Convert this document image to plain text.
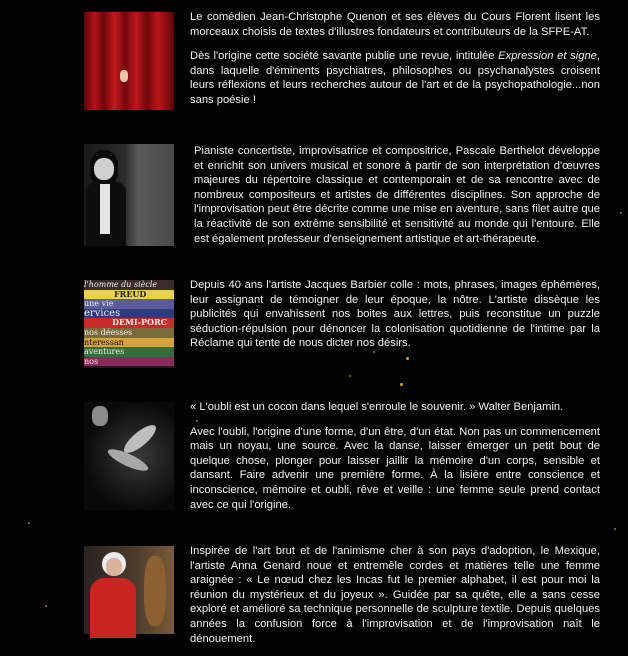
Le comédien Jean-Christophe Quenon et ses élèves du Cours Florent lisent les morceaux choisis de textes d'illustres fondateurs et contributeurs de la SFPE-AT.

Dès l'origine cette société savante publie une revue, intitulée Expression et signe, dans laquelle d'éminents psychiatres, philosophes ou psychanalystes croisent leurs réflexions et leurs recherches autour de l'art et de la psychopathologie...non sans poésie !

Pianiste concertiste, improvisatrice et compositrice, Pascale Berthelot développe et enrichit son univers musical et sonore à partir de son interprétation d'œuvres majeures du répertoire classique et contemporain et de sa rencontre avec de nombreux compositeurs et artistes de différentes disciplines. Son approche de l'improvisation peut être décrite comme une mise en aventure, sans filet autre que la réactivité de son extrême sensibilité et sensitivité au monde qui l'entoure. Elle est également professeur d'enseignement artistique et art-thérapeute.

l'homme du siècle
FREUD
une vie
ervices
DEMI-PORC
nos déesses
nteressan
aventures
nos

Depuis 40 ans l'artiste Jacques Barbier colle : mots, phrases, images éphémères, leur assignant de témoigner de leur époque, la nôtre. L'artiste dissèque les publicités qui envahissent nos boites aux lettres, puis reconstitue un puzzle séduction-répulsion pour dénoncer la colonisation quotidienne de l'intime par la Réclame qui tente de nous dicter nos désirs.

« L'oubli est un cocon dans lequel s'enroule le souvenir. » Walter Benjamin.

Avec l'oubli, l'origine d'une forme, d'un être, d'un état. Non pas un commencement mais un noyau, une source. Avec la danse, laisser émerger un petit bout de quelque chose, plonger pour laisser jaillir la mémoire d'un corps, sensible et dansant. Faire advenir une première forme. À la lisière entre conscience et inconscience, mémoire et oubli, rêve et veille : une femme seule prend contact avec ce qui l'origine.

Inspirée de l'art brut et de l'animisme cher à son pays d'adoption, le Mexique, l'artiste Anna Genard noue et entremêle cordes et matières telle une femme araignée : « Le nœud chez les Incas fut le premier alphabet, il est pour moi la réunion du mystérieux et du joyeux ». Guidée par sa quête, elle a sans cesse exploré et amélioré sa technique personnelle de sculpture textile. Depuis quelques années la confusion force à l'improvisation et de l'improvisation naît le dénouement.
